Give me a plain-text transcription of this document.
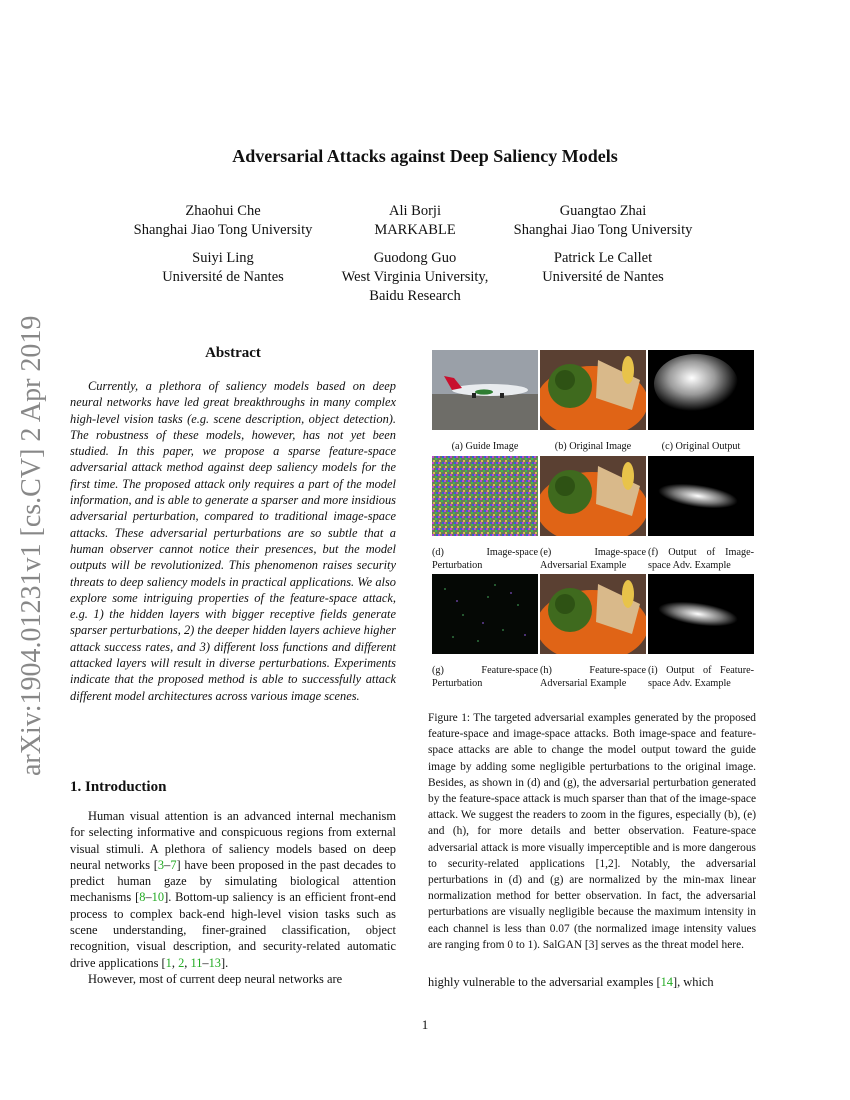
arXiv:1904.01231v1 [cs.CV] 2 Apr 2019
Adversarial Attacks against Deep Saliency Models
Zhaohui Che
Shanghai Jiao Tong University
Ali Borji
MARKABLE
Guangtao Zhai
Shanghai Jiao Tong University
Suiyi Ling
Université de Nantes
Guodong Guo
West Virginia University,
Baidu Research
Patrick Le Callet
Université de Nantes
Abstract
Currently, a plethora of saliency models based on deep neural networks have led great breakthroughs in many complex high-level vision tasks (e.g. scene description, object detection). The robustness of these models, however, has not yet been studied. In this paper, we propose a sparse feature-space adversarial attack method against deep saliency models for the first time. The proposed attack only requires a part of the model information, and is able to generate a sparser and more insidious adversarial perturbation, compared to traditional image-space attacks. These adversarial perturbations are so subtle that a human observer cannot notice their presences, but the model outputs will be revolutionized. This phenomenon raises security threats to deep saliency models in practical applications. We also explore some intriguing properties of the feature-space attack, e.g. 1) the hidden layers with bigger receptive fields generate sparser perturbations, 2) the deeper hidden layers achieve higher attack success rates, and 3) different loss functions and different attacked layers will result in diverse perturbations. Experiments indicate that the proposed method is able to successfully attack different model architectures across various image scenes.
1. Introduction

Human visual attention is an advanced internal mechanism for selecting informative and conspicuous regions from external visual stimuli. A plethora of saliency models based on deep neural networks [3–7] have been proposed in the past decades to predict human gaze by simulating biological attention mechanisms [8–10]. Bottom-up saliency is an efficient front-end process to complex back-end high-level vision tasks such as scene understanding, finer-grained classification, object recognition, visual description, and security-related automatic drive applications [1, 2, 11–13].

However, most of current deep neural networks are

(a) Guide Image	(b) Original Image	(c) Original Output
(d) Image-space Perturbation
(e) Image-space Adversarial Example
(f) Output of Image-space Adv. Example
(g) Feature-space Perturbation
(h) Feature-space Adversarial Example
(i) Output of Feature-space Adv. Example
Figure 1: The targeted adversarial examples generated by the proposed feature-space and image-space attacks. Both image-space and feature-space attacks are able to change the model output toward the guide image by adding some negligible perturbations to the original image. Besides, as shown in (d) and (g), the adversarial perturbation generated by the feature-space attack is much sparser than that of the image-space attack. We suggest the readers to zoom in the figures, especially (b), (e) and (h), for more details and better observation. Feature-space adversarial attack is more visually imperceptible and is more dangerous to security-related applications [1,2]. Notably, the adversarial perturbations in (d) and (g) are normalized by the min-max linear normalization method for better observation. In fact, the adversarial perturbations are visually negligible because the maximum intensity in each channel is less than 0.07 (the normalized image intensity values are ranging from 0 to 1). SalGAN [3] serves as the threat model here.
highly vulnerable to the adversarial examples [14], which
1
